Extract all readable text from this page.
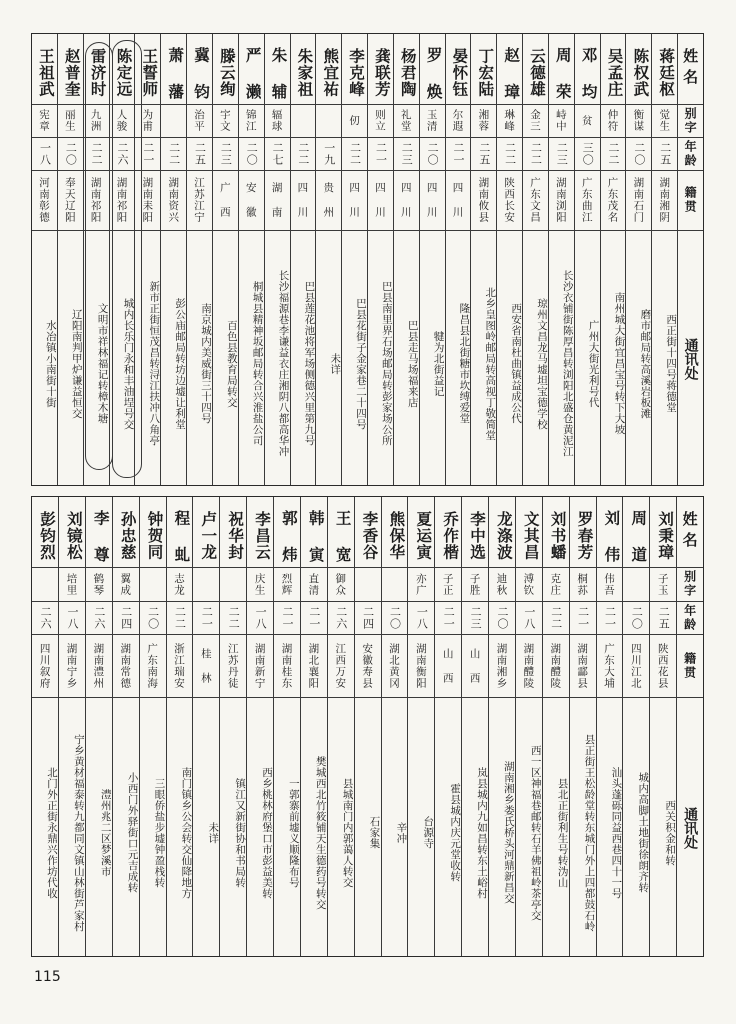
姓名
别字
年龄
籍贯
通讯处
蒋廷枢
觉生
二五
湖南湘阴
西正街十四号蒋德堂
陈权武
衡谋
二〇
湖南石门
磨市邮局转高溪岩板滩
吴孟庄
仲符
二二
广东茂名
南州城大街宜昌宝号转下大坡
邓 均
贫
三〇
广东曲江
广州大街光利号代
周 荣
峙中
二三
湖南浏阳
长沙衣铺街陈厚昌转浏阳北盛仓黄泥江
云德雄
金三
二二
广东文昌
琼州文昌龙马墟坦宝德学校
赵 璋
琳峰
二二
陕西长安
西安省南杜曲镇益成公代
丁宏陆
湘蓉
二五
湖南攸县
北乡皇图岭邮局转高视丁敬简堂
晏怀钰
尔遐
二一
四 川
隆昌县北街糖市坎缚爱堂
罗 焕
玉清
二〇
四 川
犍为北街益记
杨君陶
礼堂
二三
四 川
巴县走马场福来店
龚联芳
则立
二一
四 川
巴县南里界石场邮局转彭家场公所
李克峰
仞
二二
四 川
巴县花街子金家巷二十四号
熊宜祐
一九
贵 州
未详
朱家祖
二二
四 川
巴县莲花池将军场侧德兴里第九号
朱 辅
辐球
二七
湖 南
长沙福源巷李谦益衣庄湘阴八都高华冲
严 濑
锦江
二〇
安 徽
桐城县精神坂邮局转合兴淮盐公司
滕云绚
宇文
二三
广 西
百色县教育局转交
冀 钧
治平
二五
江苏江宁
南京城内美威街三十四号
萧 藩
二二
湖南资兴
彭公庙邮局转坊边墟让利堂
王誓师
为甫
二一
湖南耒阳
新市正街恒茂昌转浔江扶冲八角亭
陈定远
人骏
二六
湖南祁阳
城内长乐门永和丰油埕号交
雷济时
九洲
二二
湖南祁阳
文明市祥林福记转樟木塘
赵普奎
丽生
二〇
奉天辽阳
辽阳南判甲炉谦益恒交
王祖武
宪章
一八
河南彰德
水冶镇小南街十街
姓名
别字
年龄
籍贯
通讯处
刘秉璋
子玉
二五
陕西花县
西关积金和转
周 道
二〇
四川江北
城内高脚土地街徐朗齐转
刘 伟
伟吾
二一
广东大埔
汕头蓬砾同益西巷四十一号
罗春芳
桐荪
二一
湖南酃县
县正街王松龄堂转东城门外上四都鼓石岭
刘书蟠
克庄
二二
湖南醴陵
县北正街利生号转沩山
文其昌
溥钦
一八
湖南醴陵
西一区神福巷邮转石羊佛祖岭茶亭交
龙涤波
迪秋
二〇
湖南湘乡
湖南湘乡娄氏桥头河鼎新昌交
李中选
子胜
二三
山 西
岚县城内九如昌转东土峪村
乔作楷
子正
二一
山 西
霍县城内庆元堂收转
夏运寅
亦广
一八
湖南衡阳
台源寺
熊保华
二〇
湖北黄冈
辛冲
李香谷
二四
安徽寿县
石家集
王 宽
御众
二六
江西万安
县城南门内郭蔼人转交
韩 寅
直清
二一
湖北襄阳
樊城西北竹筱铺天生德药号转交
郭 炜
烈辉
二一
湖南桂东
一郭寨前墟义顺隆布号
李昌云
庆生
一八
湖南新宁
西乡桃林府堡口市彭益美转
祝华封
二二
江苏丹徒
镇江又新街协和书局转
卢一龙
二一
桂 林
未详
程 虬
志龙
二二
浙江瑞安
南门镇乡公会转交仙降地方
钟贺同
二〇
广东南海
三眼侨盐步墟钟盈栈转
孙忠慈
翼成
二四
湖南常德
小西门外驿街口元吉成转
李 尊
鹤琴
二六
湖南澧州
澧州兆二区梦溪市
刘镜松
培里
一八
湖南宁乡
宁乡黄材福泰转九都同文镇山林街芦家村
彭钧烈
二六
四川叙府
北门外正街永鼎兴作坊代收
115
